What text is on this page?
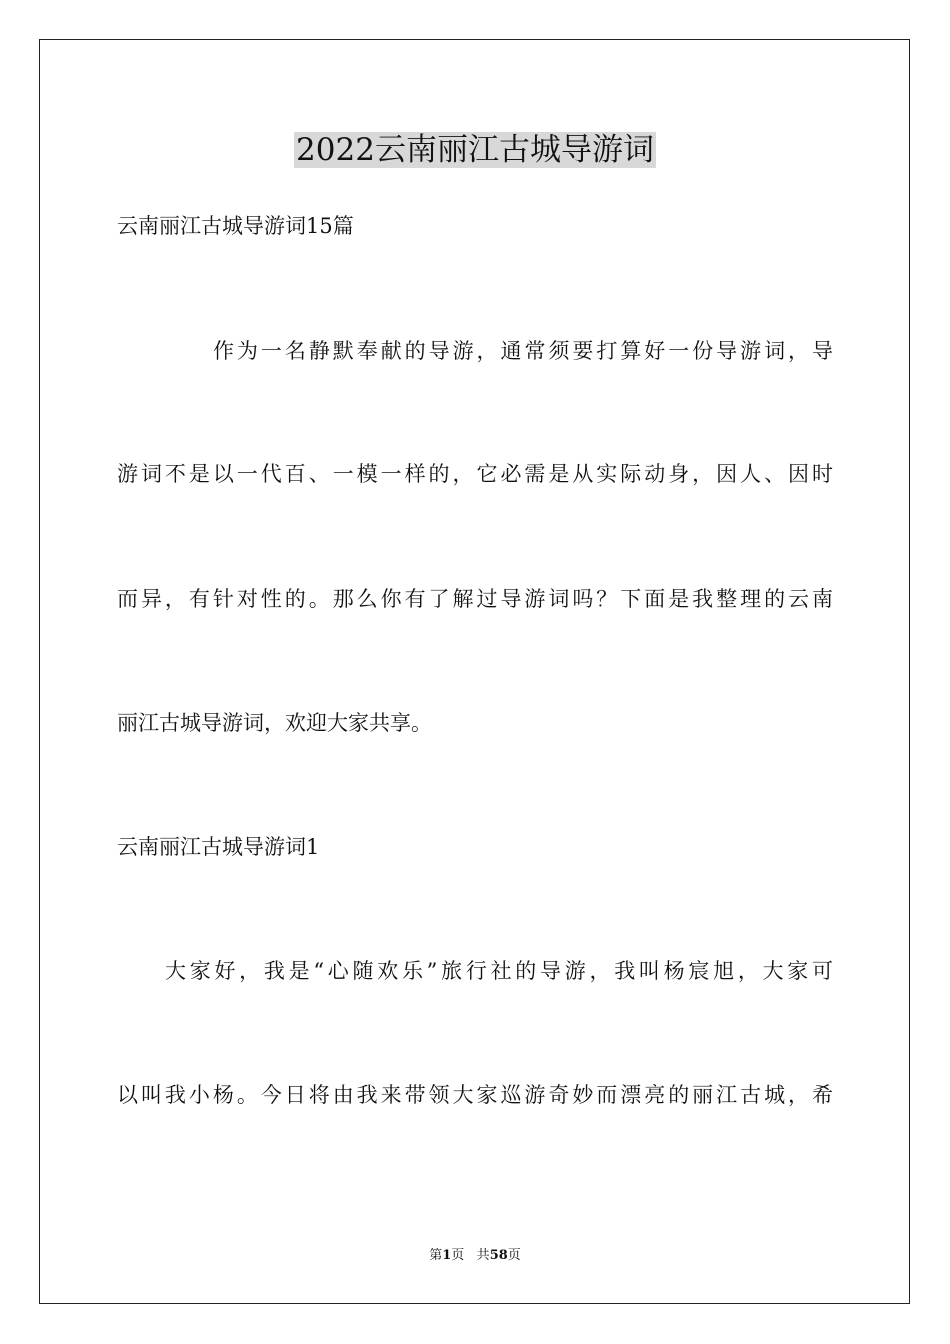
2022云南丽江古城导游词

云南丽江古城导游词15篇

作为一名静默奉献的导游，通常须要打算好一份导游词，导

游词不是以一代百、一模一样的，它必需是从实际动身，因人、因时

而异，有针对性的。那么你有了解过导游词吗？下面是我整理的云南

丽江古城导游词，欢迎大家共享。

云南丽江古城导游词1

大家好，我是“心随欢乐”旅行社的导游，我叫杨宸旭，大家可

以叫我小杨。今日将由我来带领大家巡游奇妙而漂亮的丽江古城，希

第1页 共58页
